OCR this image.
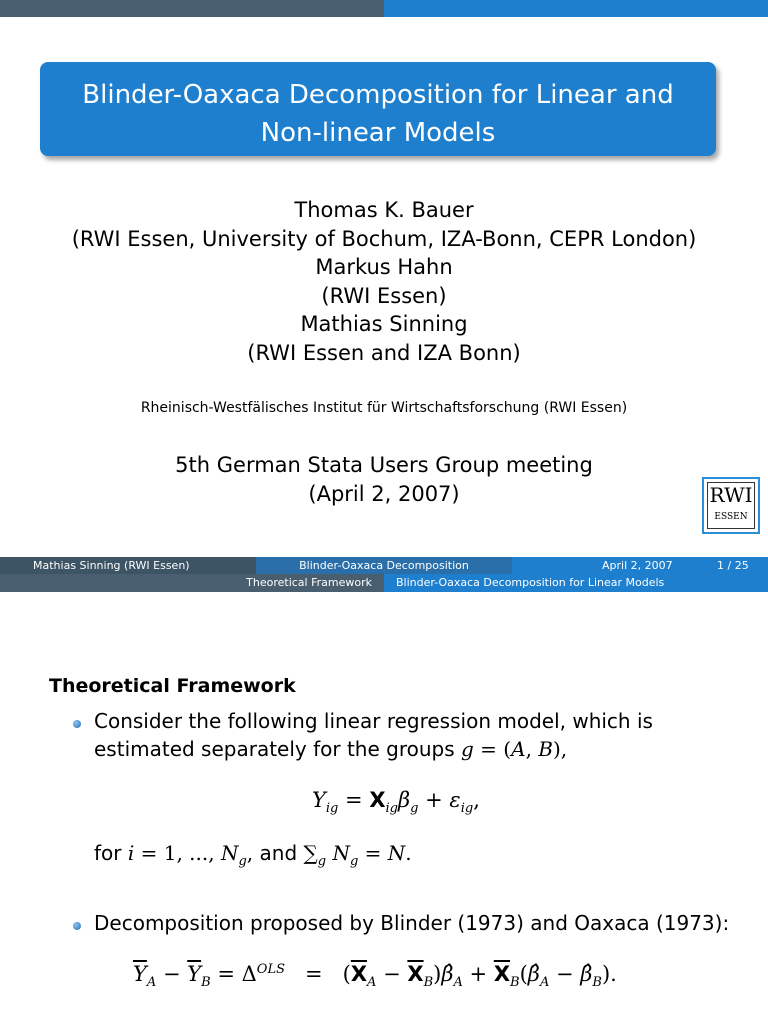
Blinder-Oaxaca Decomposition for Linear and
Non-linear Models
Thomas K. Bauer
(RWI Essen, University of Bochum, IZA-Bonn, CEPR London)
Markus Hahn
(RWI Essen)
Mathias Sinning
(RWI Essen and IZA Bonn)
Rheinisch-Westfälisches Institut für Wirtschaftsforschung (RWI Essen)
5th German Stata Users Group meeting
(April 2, 2007)	RWI
ESSEN
Mathias Sinning (RWI Essen)	Blinder-Oaxaca Decomposition	April 2, 2007	1 / 25
Theoretical Framework	Blinder-Oaxaca Decomposition for Linear Models
Theoretical Framework
Consider the following linear regression model, which is
estimated separately for the groups g = (A, B),
$Y_{ig} = X_{ig}\beta_g + \varepsilon_{ig}$,
for i = 1, ..., $N_g$, and $\sum_g$ $N_g = N$.
Decomposition proposed by Blinder (1973) and Oaxaca (1973):
$\overline{Y}_A - \overline{Y}_B = \Delta^{OLS} = (\overline{X}_A$ − $\overline{X}_B)\betâ_A$ + $\overline{X}_B(\betâ_A$ − $\betâ_B$).
